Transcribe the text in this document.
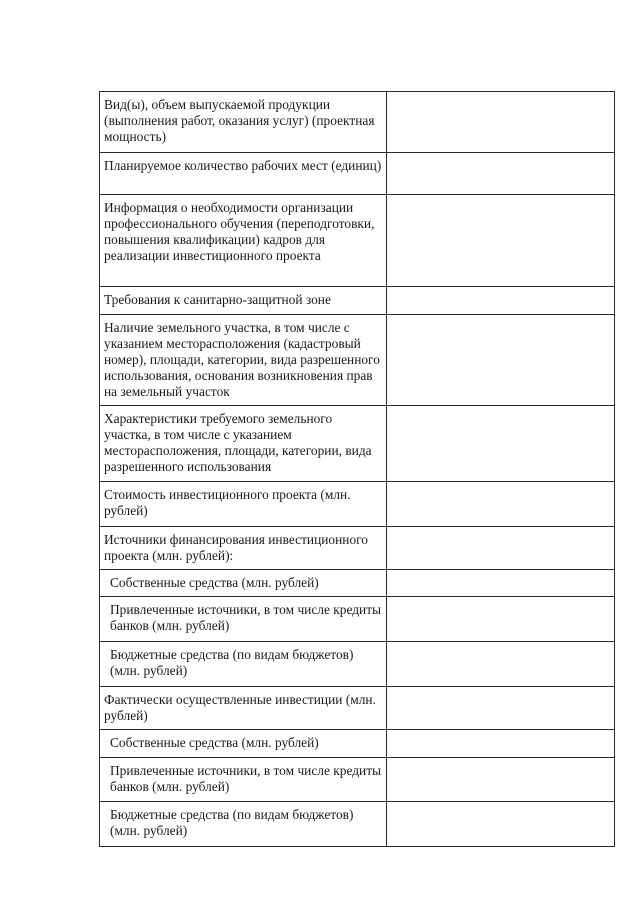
Вид(ы), объем выпускаемой продукции (выполнения работ, оказания услуг) (проектная мощность)	
Планируемое количество рабочих мест (единиц)	
Информация о необходимости организации профессионального обучения (переподготовки, повышения квалификации) кадров для реализации инвестиционного проекта	
Требования к санитарно-защитной зоне	
Наличие земельного участка, в том числе с указанием месторасположения (кадастровый номер), площади, категории, вида разрешенного использования, основания возникновения прав на земельный участок	
Характеристики требуемого земельного участка, в том числе с указанием месторасположения, площади, категории, вида разрешенного использования	
Стоимость инвестиционного проекта (млн. рублей)	
Источники финансирования инвестиционного проекта (млн. рублей):	
Собственные средства (млн. рублей)	
Привлеченные источники, в том числе кредиты банков (млн. рублей)	
Бюджетные средства (по видам бюджетов) (млн. рублей)	
Фактически осуществленные инвестиции (млн. рублей)	
Собственные средства (млн. рублей)	
Привлеченные источники, в том числе кредиты банков (млн. рублей)	
Бюджетные средства (по видам бюджетов) (млн. рублей)	
